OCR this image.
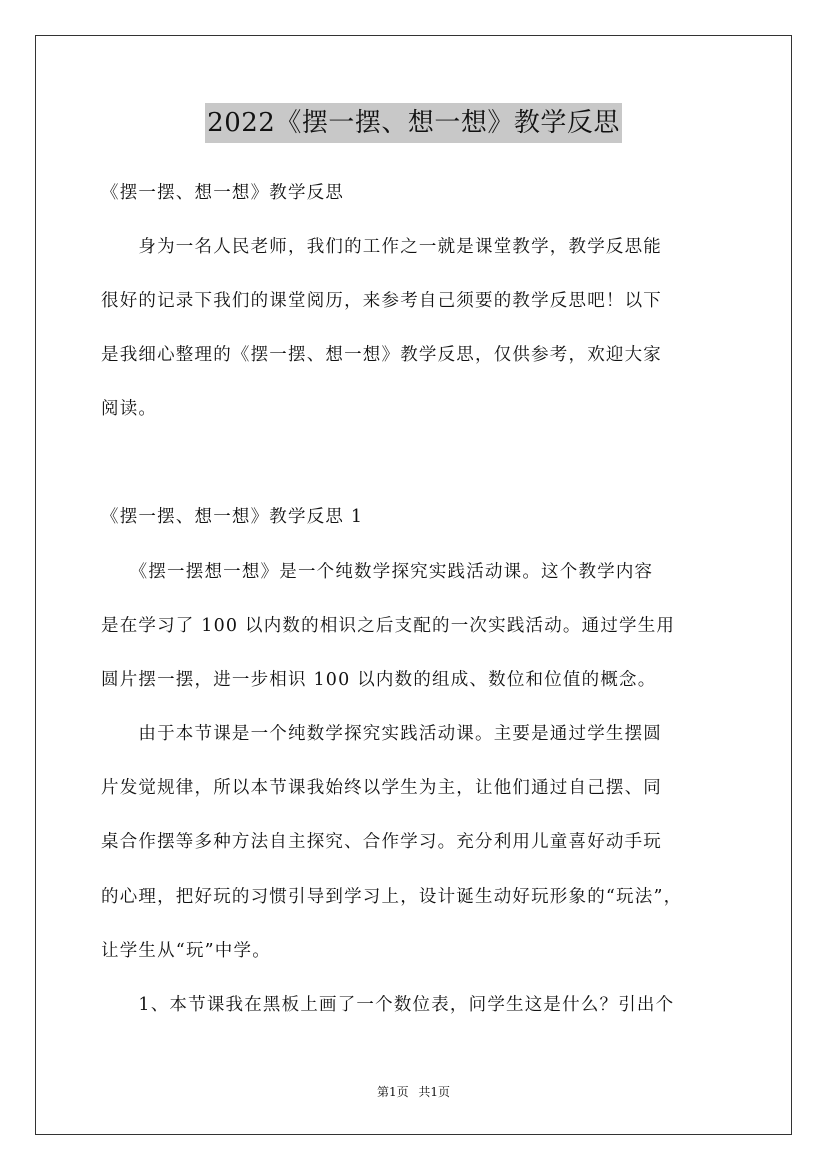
2022《摆一摆、想一想》教学反思
《摆一摆、想一想》教学反思
　　身为一名人民老师，我们的工作之一就是课堂教学，教学反思能
很好的记录下我们的课堂阅历，来参考自己须要的教学反思吧！以下
是我细心整理的《摆一摆、想一想》教学反思，仅供参考，欢迎大家
阅读。
《摆一摆、想一想》教学反思 1
　　《摆一摆想一想》是一个纯数学探究实践活动课。这个教学内容
是在学习了 100 以内数的相识之后支配的一次实践活动。通过学生用
圆片摆一摆，进一步相识 100 以内数的组成、数位和位值的概念。
　　由于本节课是一个纯数学探究实践活动课。主要是通过学生摆圆
片发觉规律，所以本节课我始终以学生为主，让他们通过自己摆、同
桌合作摆等多种方法自主探究、合作学习。充分利用儿童喜好动手玩
的心理，把好玩的习惯引导到学习上，设计诞生动好玩形象的“玩法”，
让学生从“玩”中学。
　　1、本节课我在黑板上画了一个数位表，问学生这是什么？引出个
第1页 共1页
